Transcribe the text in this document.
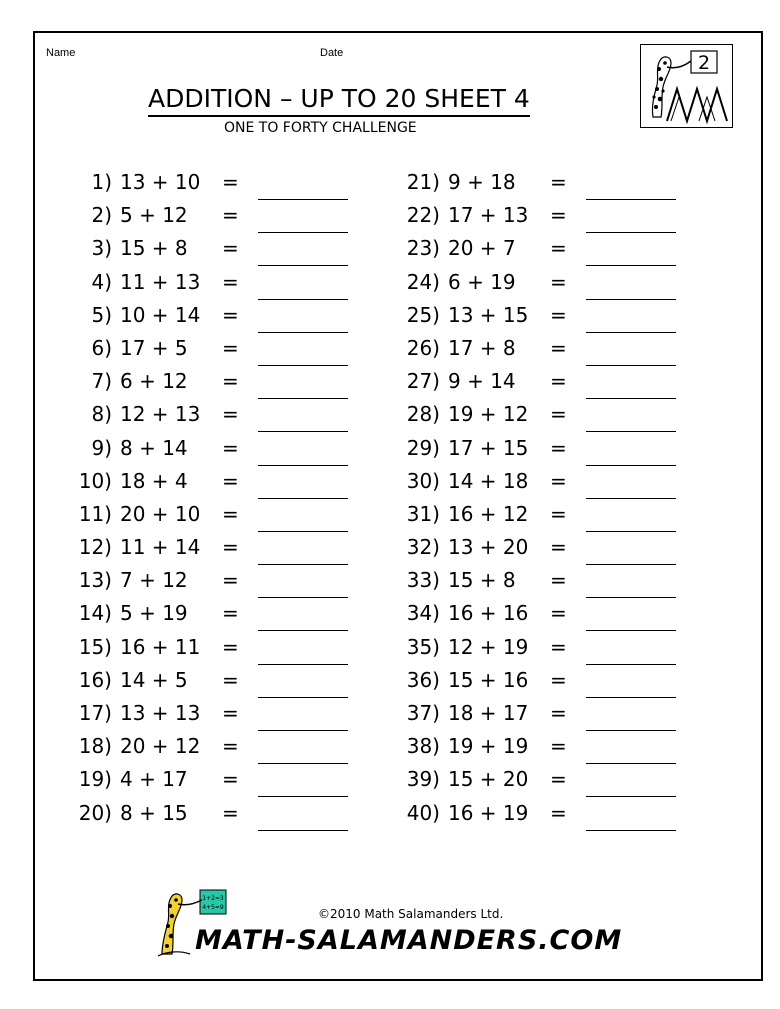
Name	Date
ADDITION – UP TO 20 SHEET 4
ONE TO FORTY CHALLENGE
2
1) 13 + 10 =
2) 5 + 12 =
3) 15 + 8 =
4) 11 + 13 =
5) 10 + 14 =
6) 17 + 5 =
7) 6 + 12 =
8) 12 + 13 =
9) 8 + 14 =
10) 18 + 4 =
11) 20 + 10 =
12) 11 + 14 =
13) 7 + 12 =
14) 5 + 19 =
15) 16 + 11 =
16) 14 + 5 =
17) 13 + 13 =
18) 20 + 12 =
19) 4 + 17 =
20) 8 + 15 =
21) 9 + 18 =
22) 17 + 13 =
23) 20 + 7 =
24) 6 + 19 =
25) 13 + 15 =
26) 17 + 8 =
27) 9 + 14 =
28) 19 + 12 =
29) 17 + 15 =
30) 14 + 18 =
31) 16 + 12 =
32) 13 + 20 =
33) 15 + 8 =
34) 16 + 16 =
35) 12 + 19 =
36) 15 + 16 =
37) 18 + 17 =
38) 19 + 19 =
39) 15 + 20 =
40) 16 + 19 =
1+2=3
4+5=9	©2010 Math Salamanders Ltd.
MATH-SALAMANDERS.COM
